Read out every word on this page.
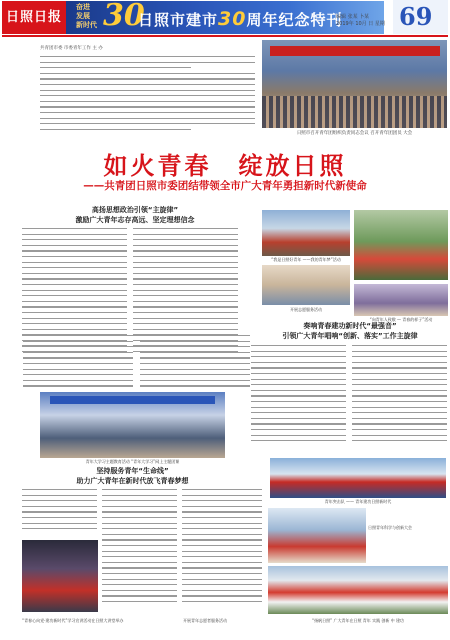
日照日报
奋进
发展
新时代 30
日照市建市30周年纪念特刊
编辑 张某 卜某
2019年 10月 日 星期 69
共青团市委 市委青年工作 主 办
日照市召开青年团组织负责同志会议 召开青年团团员 大会
如火青春　绽放日照
——共青团日照市委团结带领全市广大青年勇担新时代新使命
高扬思想政治引领“主旋律”
激励广大青年志存高远、坚定理想信念
“我是日照好青年 ——我的青年梦”活动
开展志愿服务活动
“向青年人致敬 — 青春的样子”活动
奏响青春建功新时代“最强音”
引领广大青年唱响“创新、落实”工作主旋律
青年大学习主题教育活动 “青年大学习”网上主题团课
青年突击队 —— 青年建功日照新时代
坚持服务青年“生命线”
助力广大青年在新时代放飞青春梦想
日照青年科学与创新大会
“青春心向党·建功新时代”学习宣讲活动在日照大讲堂举办	开展青年志愿者服务活动	“扬帆日照” 广大青年在日照 青年 实践 创新 中 建功
